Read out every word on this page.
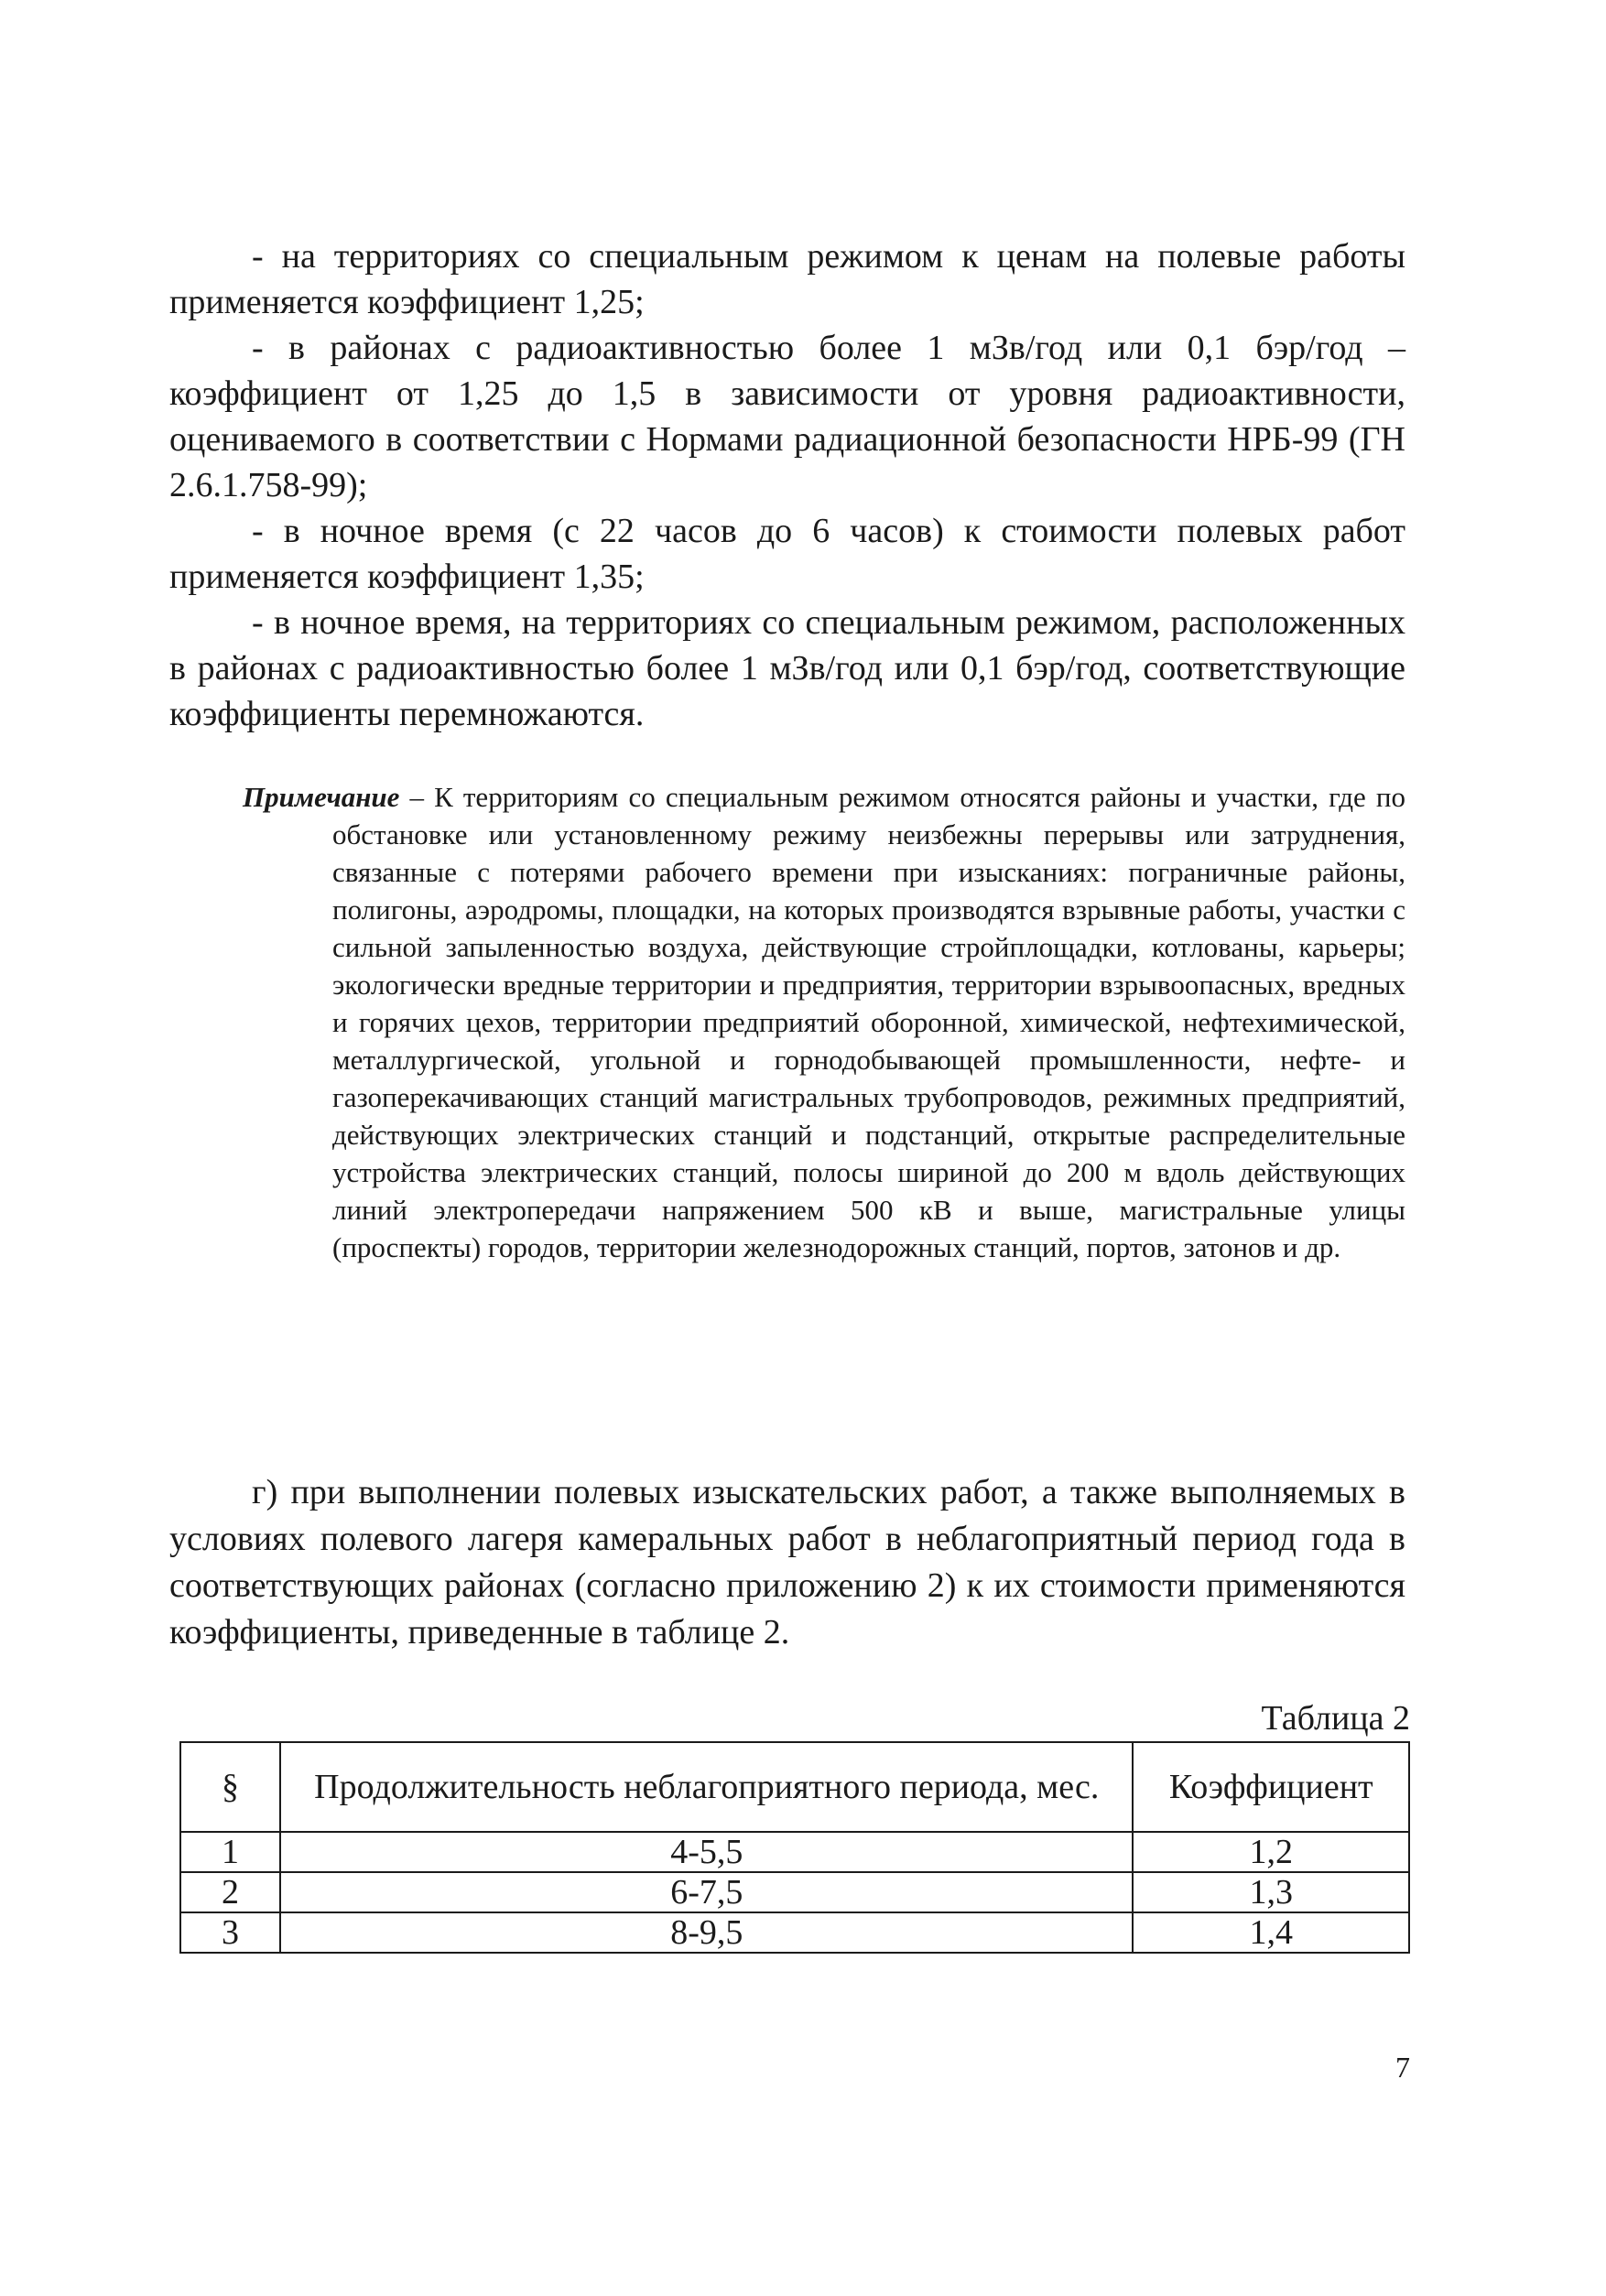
- на территориях со специальным режимом к ценам на полевые работы применяется коэффициент 1,25;

- в районах с радиоактивностью более 1 мЗв/год или 0,1 бэр/год – коэффициент от 1,25 до 1,5 в зависимости от уровня радиоактивности, оцениваемого в соответствии с Нормами радиационной безопасности НРБ-99 (ГН 2.6.1.758-99);

- в ночное время (с 22 часов до 6 часов) к стоимости полевых работ применяется коэффициент 1,35;

- в ночное время, на территориях со специальным режимом, расположенных в районах с радиоактивностью более 1 мЗв/год или 0,1 бэр/год, соответствующие коэффициенты перемножаются.

Примечание – К территориям со специальным режимом относятся районы и участки, где по обстановке или установленному режиму неизбежны перерывы или затруднения, связанные с потерями рабочего времени при изысканиях: пограничные районы, полигоны, аэродромы, площадки, на которых производятся взрывные работы, участки с сильной запыленностью воздуха, действующие стройплощадки, котлованы, карьеры; экологически вредные территории и предприятия, территории взрывоопасных, вредных и горячих цехов, территории предприятий оборонной, химической, нефтехимической, металлургической, угольной и горнодобывающей промышленности, нефте- и газоперекачивающих станций магистральных трубопроводов, режимных предприятий, действующих электрических станций и подстанций, открытые распределительные устройства электрических станций, полосы шириной до 200 м вдоль действующих линий электропередачи напряжением 500 кВ и выше, магистральные улицы (проспекты) городов, территории железнодорожных станций, портов, затонов и др.

г) при выполнении полевых изыскательских работ, а также выполняемых в условиях полевого лагеря камеральных работ в неблагоприятный период года в соответствующих районах (согласно приложению 2) к их стоимости применяются коэффициенты, приведенные в таблице 2.

Таблица 2
§	Продолжительность неблагоприятного периода, мес.	Коэффициент
1	4-5,5	1,2
2	6-7,5	1,3
3	8-9,5	1,4
7
